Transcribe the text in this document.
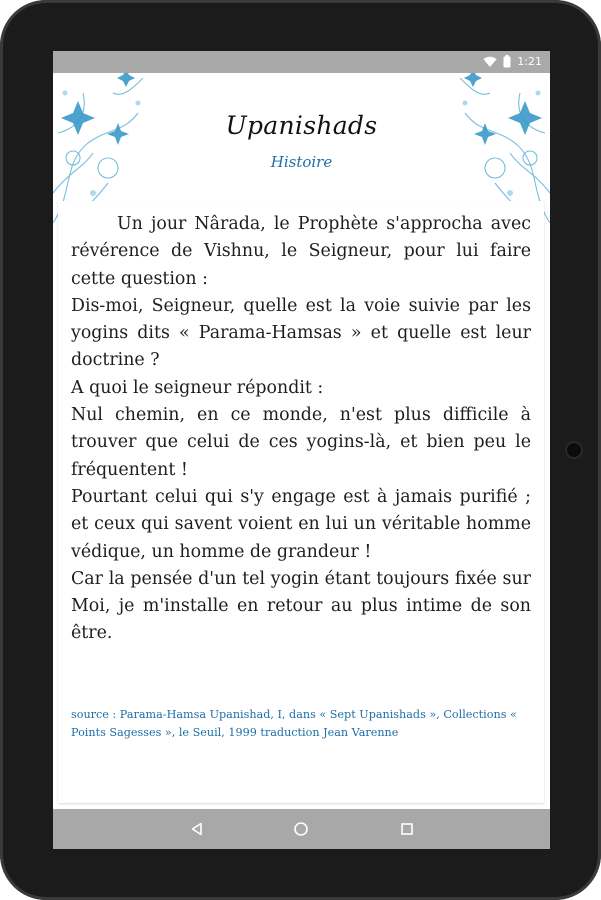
1:21
Upanishads
Histoire

Un jour Nârada, le Prophète s'approcha avec révérence de Vishnu, le Seigneur, pour lui faire cette question :

Dis-moi, Seigneur, quelle est la voie suivie par les yogins dits « Parama-Hamsas » et quelle est leur doctrine ?

A quoi le seigneur répondit :

Nul chemin, en ce monde, n'est plus difficile à trouver que celui de ces yogins-là, et bien peu le fréquentent !

Pourtant celui qui s'y engage est à jamais purifié ; et ceux qui savent voient en lui un véritable homme védique, un homme de grandeur !

Car la pensée d'un tel yogin étant toujours fixée sur Moi, je m'installe en retour au plus intime de son être.

source : Parama-Hamsa Upanishad, I, dans « Sept Upanishads », Collections « Points Sagesses », le Seuil, 1999 traduction Jean Varenne
